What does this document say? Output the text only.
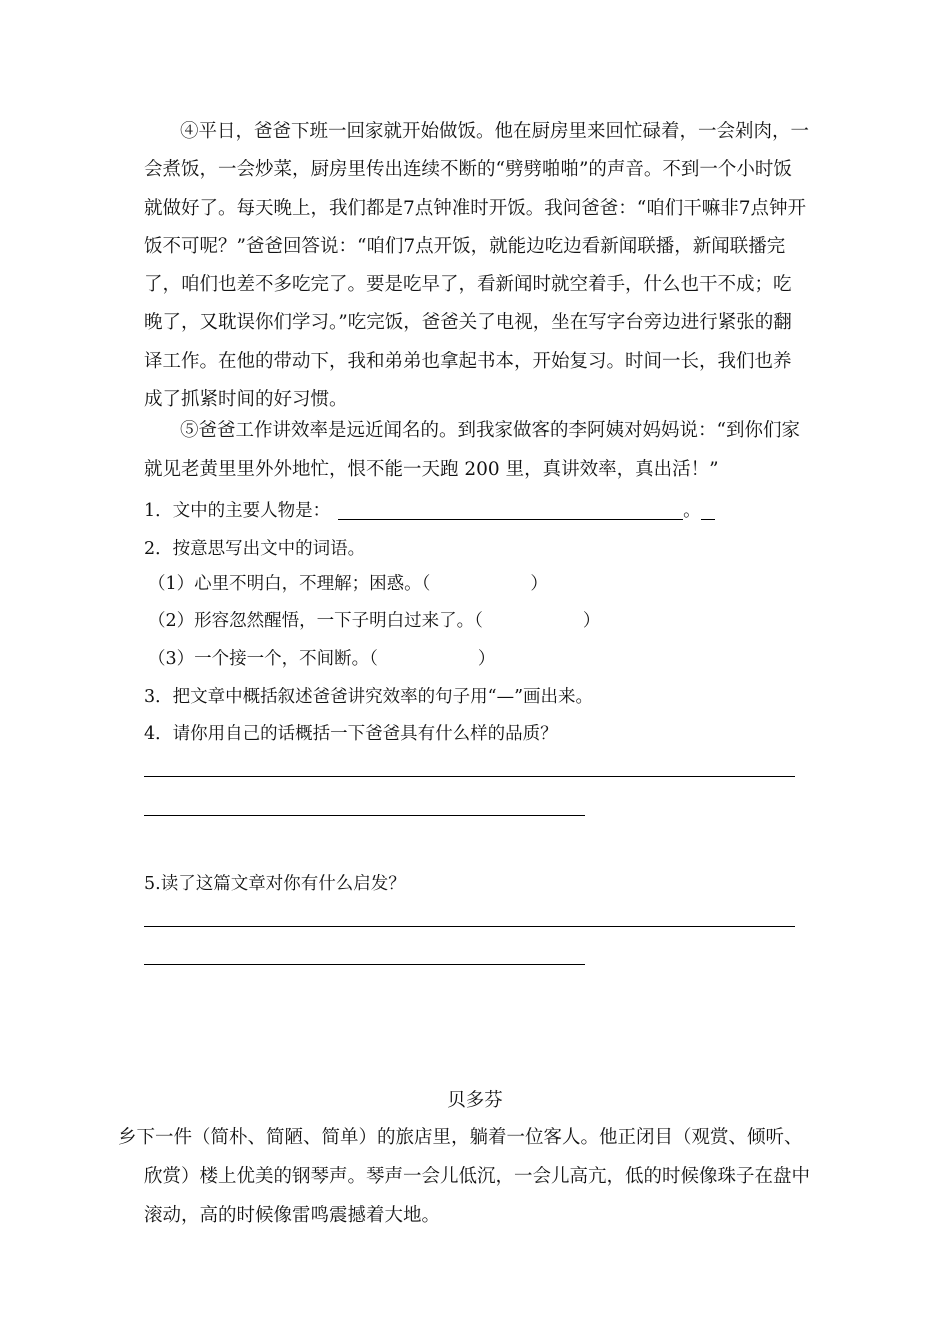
④平日，爸爸下班一回家就开始做饭。他在厨房里来回忙碌着，一会剁肉，一会煮饭，一会炒菜，厨房里传出连续不断的“劈劈啪啪”的声音。不到一个小时饭就做好了。每天晚上，我们都是7点钟准时开饭。我问爸爸：“咱们干嘛非7点钟开饭不可呢？”爸爸回答说：“咱们7点开饭，就能边吃边看新闻联播，新闻联播完了，咱们也差不多吃完了。要是吃早了，看新闻时就空着手，什么也干不成；吃晚了，又耽误你们学习。”吃完饭，爸爸关了电视，坐在写字台旁边进行紧张的翻译工作。在他的带动下，我和弟弟也拿起书本，开始复习。时间一长，我们也养成了抓紧时间的好习惯。

⑤爸爸工作讲效率是远近闻名的。到我家做客的李阿姨对妈妈说：“到你们家就见老黄里里外外地忙，恨不能一天跑 200 里，真讲效率，真出活！”

1．文中的主要人物是：	。

2．按意思写出文中的词语。

（1）心里不明白，不理解；困惑。（	）

（2）形容忽然醒悟，一下子明白过来了。（	）

（3）一个接一个，不间断。（	）

3．把文章中概括叙述爸爸讲究效率的句子用“—”画出来。

4．请你用自己的话概括一下爸爸具有什么样的品质？

5.读了这篇文章对你有什么启发？

贝多芬

乡下一件（简朴、简陋、简单）的旅店里，躺着一位客人。他正闭目（观赏、倾听、欣赏）楼上优美的钢琴声。琴声一会儿低沉，一会儿高亢，低的时候像珠子在盘中滚动，高的时候像雷鸣震撼着大地。
